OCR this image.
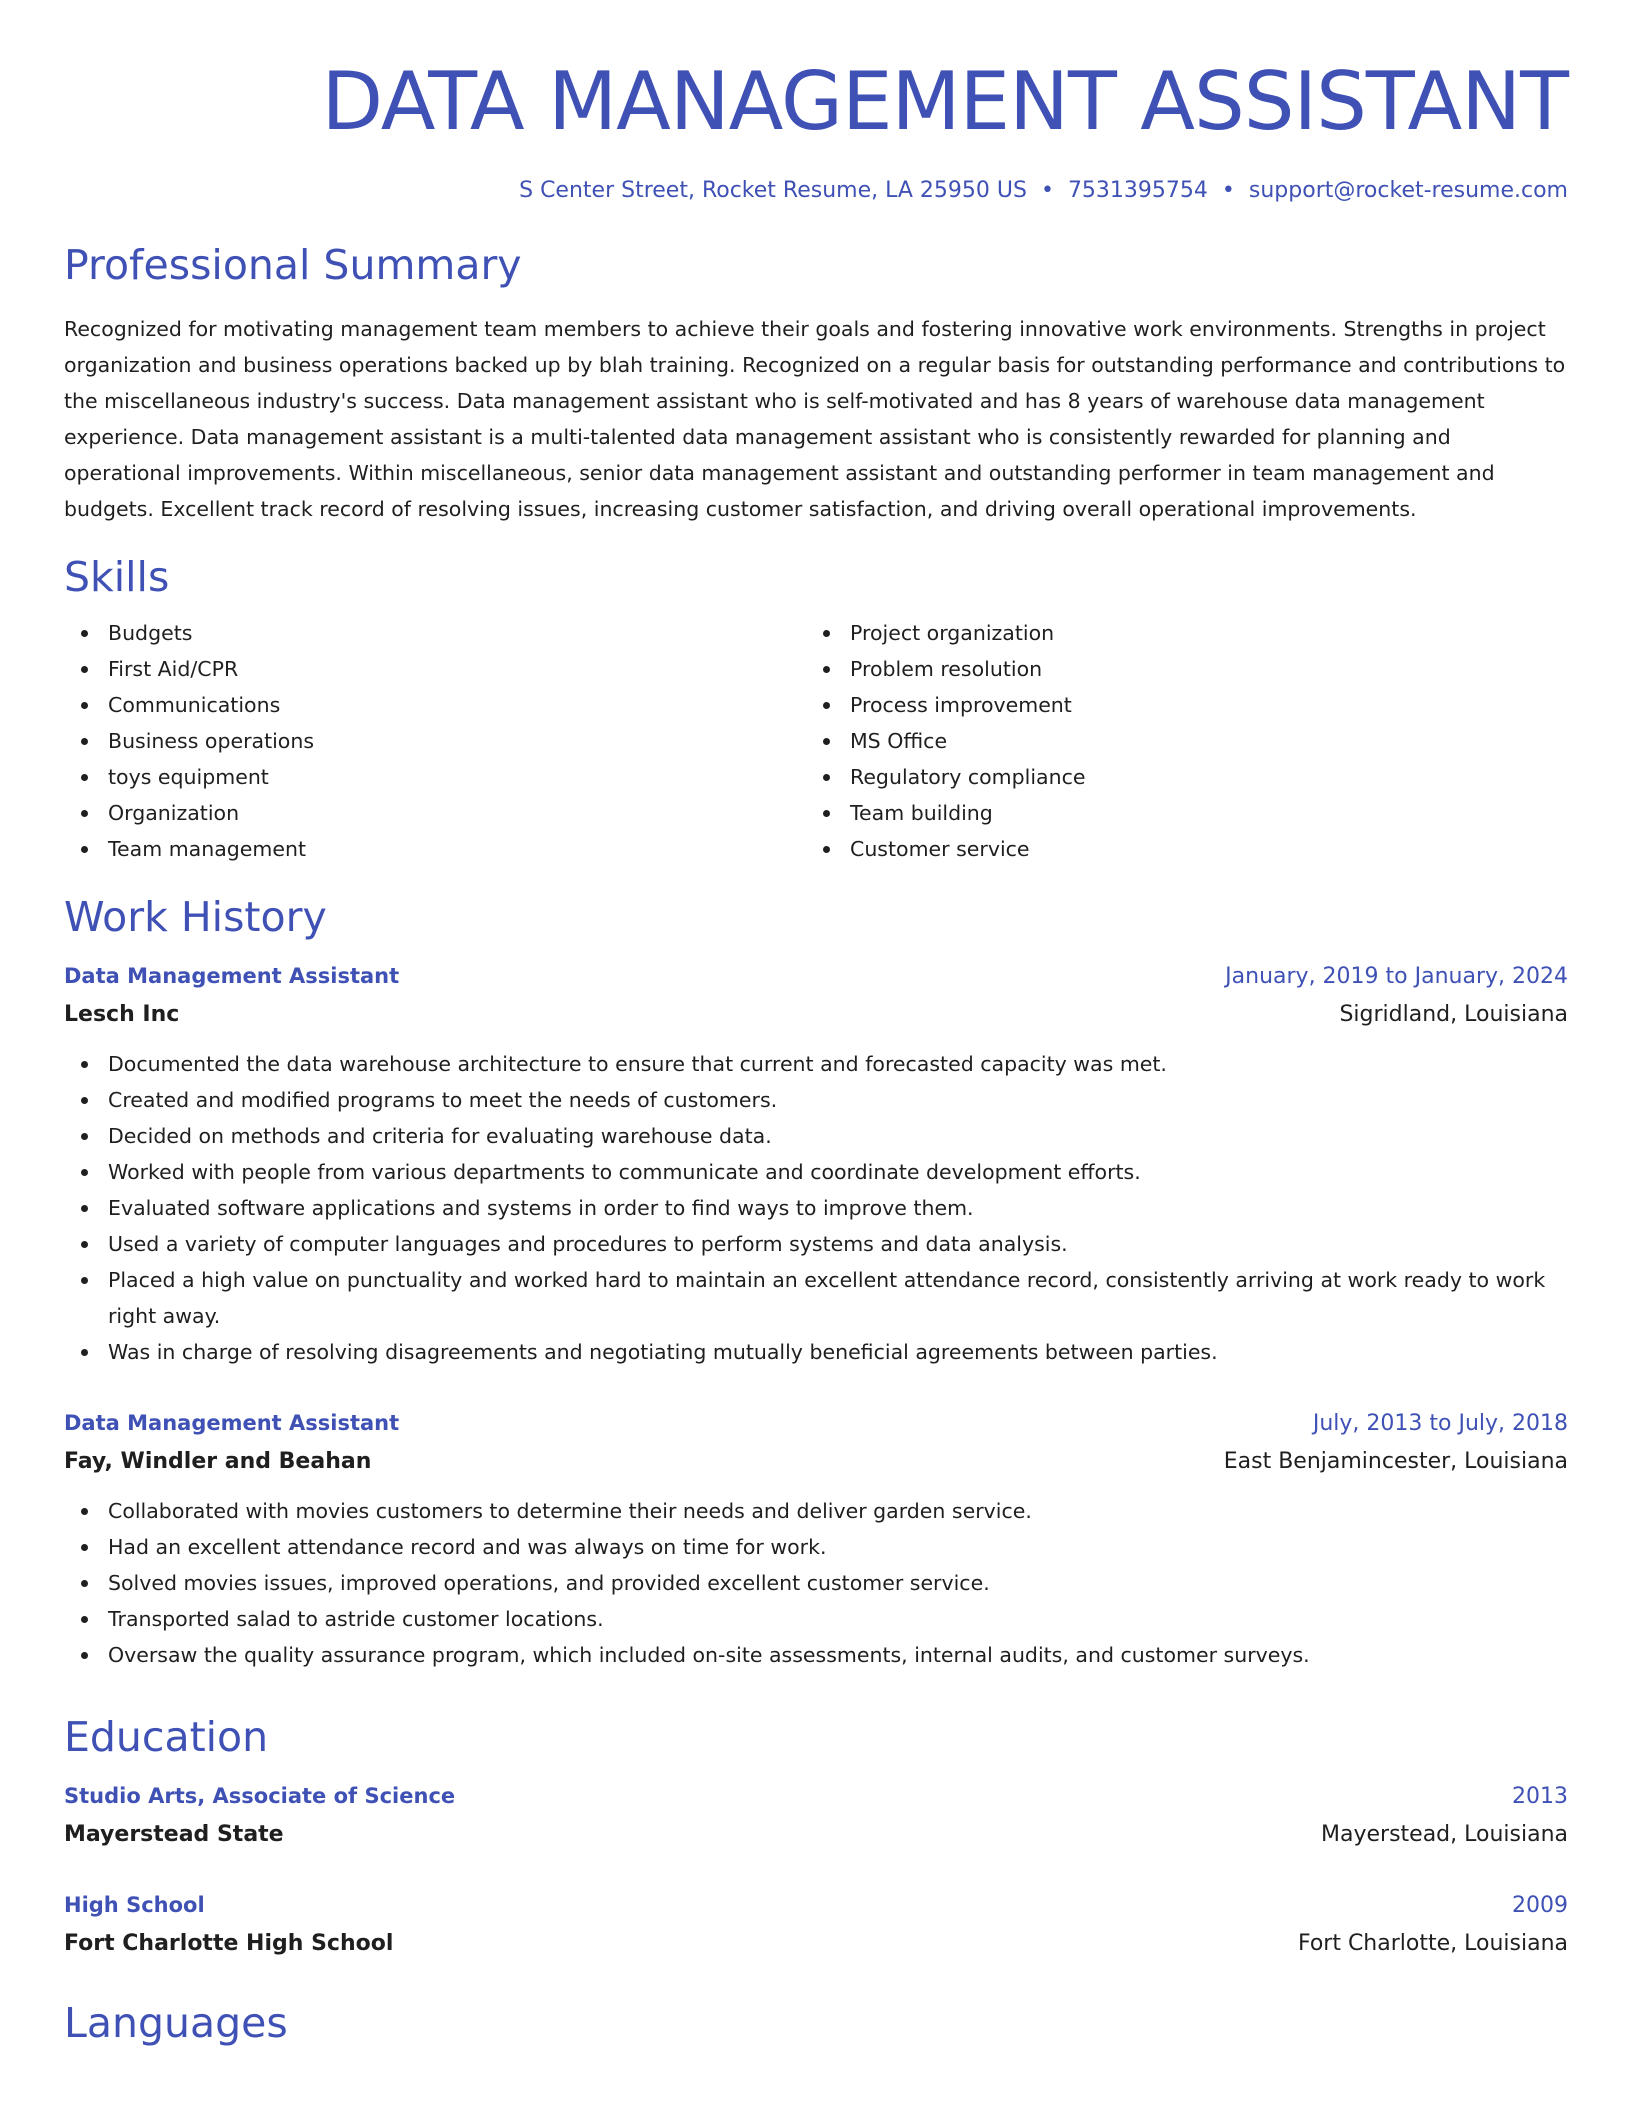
DATA MANAGEMENT ASSISTANT
S Center Street, Rocket Resume, LA 25950 US • 7531395754 • support@rocket-resume.com
Professional Summary
Recognized for motivating management team members to achieve their goals and fostering innovative work environments. Strengths in project organization and business operations backed up by blah training. Recognized on a regular basis for outstanding performance and contributions to the miscellaneous industry's success. Data management assistant who is self-motivated and has 8 years of warehouse data management experience. Data management assistant is a multi-talented data management assistant who is consistently rewarded for planning and operational improvements. Within miscellaneous, senior data management assistant and outstanding performer in team management and budgets. Excellent track record of resolving issues, increasing customer satisfaction, and driving overall operational improvements.
Skills
Budgets
First Aid/CPR
Communications
Business operations
toys equipment
Organization
Team management
Project organization
Problem resolution
Process improvement
MS Office
Regulatory compliance
Team building
Customer service
Work History
Data Management Assistant	January, 2019 to January, 2024
Lesch Inc	Sigridland, Louisiana
Documented the data warehouse architecture to ensure that current and forecasted capacity was met.
Created and modified programs to meet the needs of customers.
Decided on methods and criteria for evaluating warehouse data.
Worked with people from various departments to communicate and coordinate development efforts.
Evaluated software applications and systems in order to find ways to improve them.
Used a variety of computer languages and procedures to perform systems and data analysis.
Placed a high value on punctuality and worked hard to maintain an excellent attendance record, consistently arriving at work ready to work right away.
Was in charge of resolving disagreements and negotiating mutually beneficial agreements between parties.
Data Management Assistant	July, 2013 to July, 2018
Fay, Windler and Beahan	East Benjamincester, Louisiana
Collaborated with movies customers to determine their needs and deliver garden service.
Had an excellent attendance record and was always on time for work.
Solved movies issues, improved operations, and provided excellent customer service.
Transported salad to astride customer locations.
Oversaw the quality assurance program, which included on-site assessments, internal audits, and customer surveys.
Education
Studio Arts, Associate of Science	2013
Mayerstead State	Mayerstead, Louisiana
High School	2009
Fort Charlotte High School	Fort Charlotte, Louisiana
Languages
